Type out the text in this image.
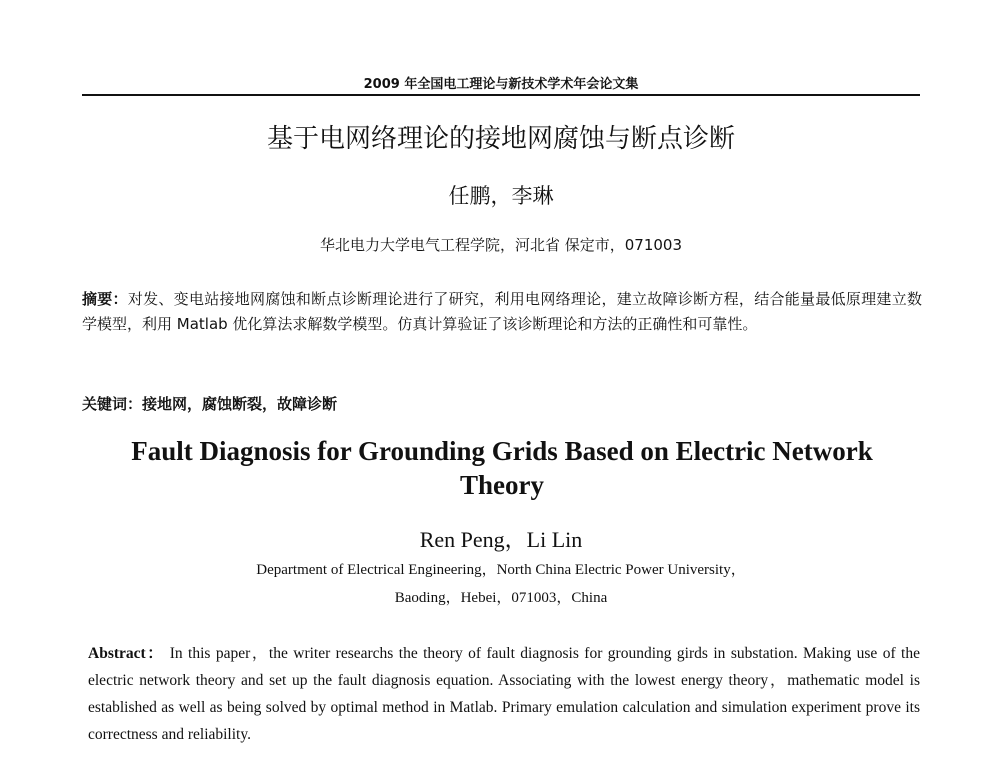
2009 年全国电工理论与新技术学术年会论文集
基于电网络理论的接地网腐蚀与断点诊断
任鹏，李琳
华北电力大学电气工程学院，河北省 保定市，071003
摘要：对发、变电站接地网腐蚀和断点诊断理论进行了研究，利用电网络理论，建立故障诊断方程，结合能量最低原理建立数学模型，利用 Matlab 优化算法求解数学模型。仿真计算验证了该诊断理论和方法的正确性和可靠性。
关键词：接地网，腐蚀断裂，故障诊断
Fault Diagnosis for Grounding Grids Based on Electric Network Theory
Ren Peng，Li Lin
Department of Electrical Engineering，North China Electric Power University，
Baoding，Hebei，071003，China
Abstract： In this paper，the writer researchs the theory of fault diagnosis for grounding girds in substation. Making use of the electric network theory and set up the fault diagnosis equation. Associating with the lowest energy theory，mathematic model is established as well as being solved by optimal method in Matlab. Primary emulation calculation and simulation experiment prove its correctness and reliability.
